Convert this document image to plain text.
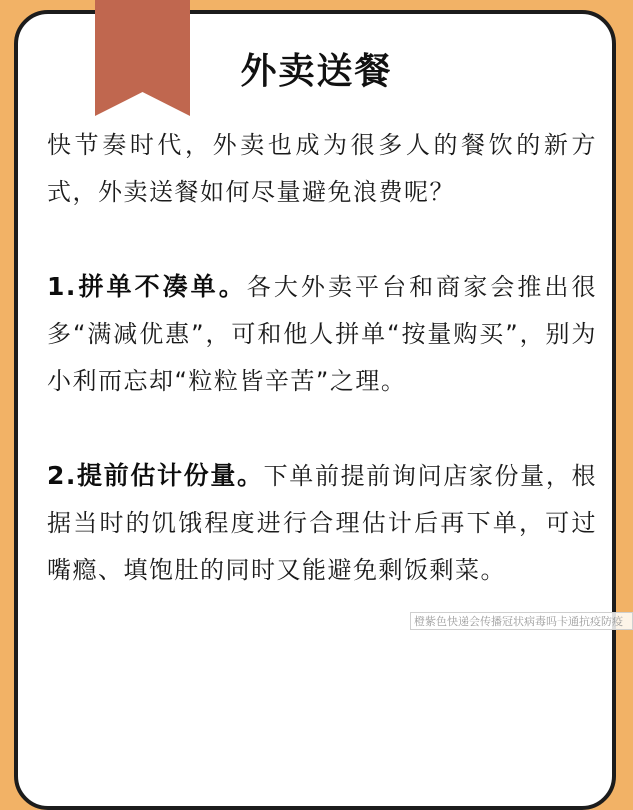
外卖送餐

快节奏时代，外卖也成为很多人的餐饮的新方式，外卖送餐如何尽量避免浪费呢？

1.拼单不凑单。各大外卖平台和商家会推出很多“满减优惠”，可和他人拼单“按量购买”，别为小利而忘却“粒粒皆辛苦”之理。

2.提前估计份量。下单前提前询问店家份量，根据当时的饥饿程度进行合理估计后再下单，可过嘴瘾、填饱肚的同时又能避免剩饭剩菜。

橙紫色快递会传播冠状病毒吗卡通抗疫防疫
